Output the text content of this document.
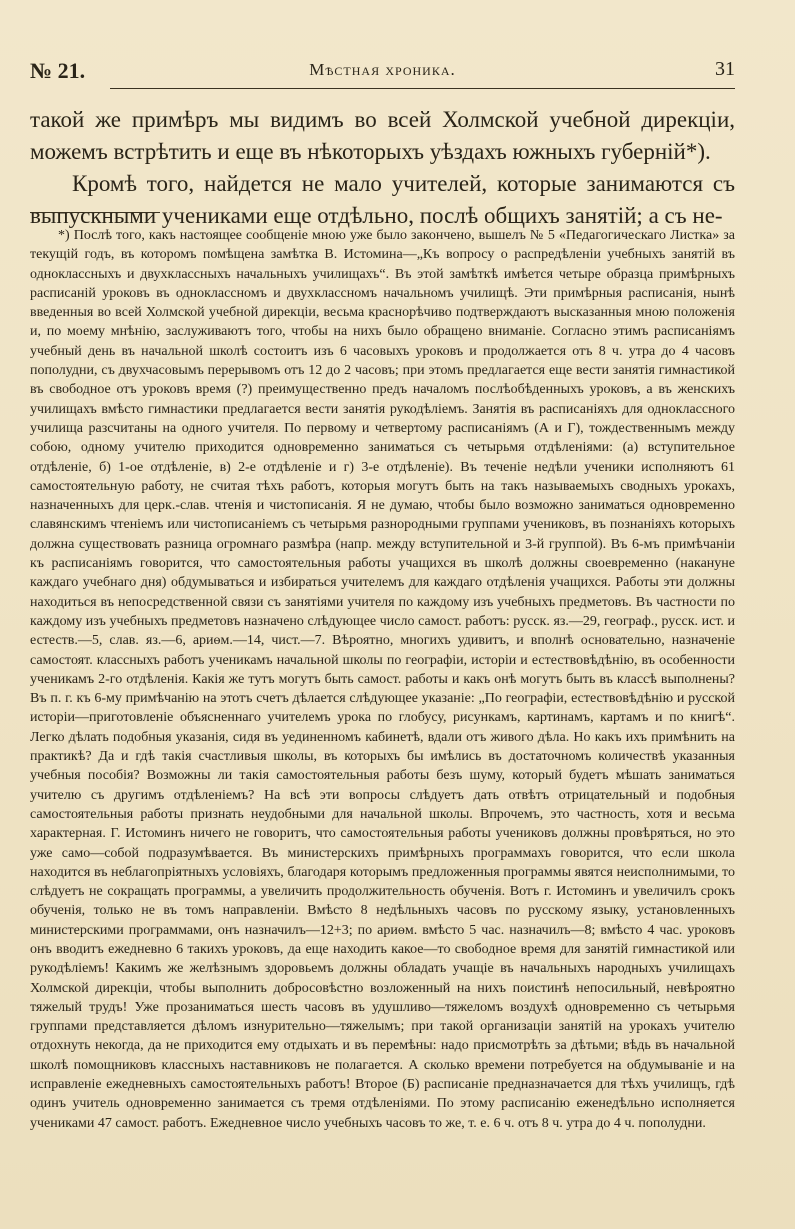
№ 21.	Мѣстная хроника.	31

такой же примѣръ мы видимъ во всей Холмской учебной дирекціи, можемъ встрѣтить и еще въ нѣкоторыхъ уѣздахъ южныхъ губерній*).

Кромѣ того, найдется не мало учителей, которые занимаются съ выпускными учениками еще отдѣльно, послѣ общихъ занятій; а съ не-

*) Послѣ того, какъ настоящее сообщеніе мною уже было закончено, вышелъ № 5 «Педагогическаго Листка» за текущій годъ, въ которомъ помѣщена замѣтка В. Истомина—„Къ вопросу о распредѣленіи учебныхъ занятій въ одноклассныхъ и двухклассныхъ начальныхъ училищахъ“. Въ этой замѣткѣ имѣется четыре образца примѣрныхъ расписаній уроковъ въ одноклассномъ и двухклассномъ начальномъ училищѣ. Эти примѣрныя расписанія, нынѣ введенныя во всей Холмской учебной дирекціи, весьма краснорѣчиво подтверждаютъ высказанныя мною положенія и, по моему мнѣнію, заслуживаютъ того, чтобы на нихъ было обращено вниманіе. Согласно этимъ расписаніямъ учебный день въ начальной школѣ состоитъ изъ 6 часовыхъ уроковъ и продолжается отъ 8 ч. утра до 4 часовъ пополудни, съ двухчасовымъ перерывомъ отъ 12 до 2 часовъ; при этомъ предлагается еще вести занятія гимнастикой въ свободное отъ уроковъ время (?) преимущественно предъ началомъ послѣобѣденныхъ уроковъ, а въ женскихъ училищахъ вмѣсто гимнастики предлагается вести занятія рукодѣліемъ. Занятія въ расписаніяхъ для одноклассного училища разсчитаны на одного учителя. По первому и четвертому расписаніямъ (А и Г), тождественнымъ между собою, одному учителю приходится одновременно заниматься съ четырьмя отдѣленіями: (а) вступительное отдѣленіе, б) 1-ое отдѣленіе, в) 2-е отдѣленіе и г) 3-е отдѣленіе). Въ теченіе недѣли ученики исполняютъ 61 самостоятельную работу, не считая тѣхъ работъ, которыя могутъ быть на такъ называемыхъ сводныхъ урокахъ, назначенныхъ для церк.-слав. чтенія и чистописанія. Я не думаю, чтобы было возможно заниматься одновременно славянскимъ чтеніемъ или чистописаніемъ съ четырьмя разнородными группами учениковъ, въ познаніяхъ которыхъ должна существовать разница огромнаго размѣра (напр. между вступительной и 3-й группой). Въ 6-мъ примѣчаніи къ расписаніямъ говорится, что самостоятельныя работы учащихся въ школѣ должны своевременно (накануне каждаго учебнаго дня) обдумываться и избираться учителемъ для каждаго отдѣленія учащихся. Работы эти должны находиться въ непосредственной связи съ занятіями учителя по каждому изъ учебныхъ предметовъ. Въ частности по каждому изъ учебныхъ предметовъ назначено слѣдующее число самост. работъ: русск. яз.—29, географ., русск. ист. и естеств.—5, слав. яз.—6, ариѳм.—14, чист.—7. Вѣроятно, многихъ удивитъ, и вполнѣ основательно, назначеніе самостоят. классныхъ работъ ученикамъ начальной школы по географіи, исторіи и естествовѣдѣнію, въ особенности ученикамъ 2-го отдѣленія. Какія же тутъ могутъ быть самост. работы и какъ онѣ могутъ быть въ классѣ выполнены? Въ п. г. къ 6-му примѣчанію на этотъ счетъ дѣлается слѣдующее указаніе: „По географіи, естествовѣдѣнію и русской исторіи—приготовленіе объясненнаго учителемъ урока по глобусу, рисункамъ, картинамъ, картамъ и по книгѣ“. Легко дѣлать подобныя указанія, сидя въ уединенномъ кабинетѣ, вдали отъ живого дѣла. Но какъ ихъ примѣнить на практикѣ? Да и гдѣ такія счастливыя школы, въ которыхъ бы имѣлись въ достаточномъ количествѣ указанныя учебныя пособія? Возможны ли такія самостоятельныя работы безъ шуму, который будетъ мѣшать заниматься учителю съ другимъ отдѣленіемъ? На всѣ эти вопросы слѣдуетъ дать отвѣтъ отрицательный и подобныя самостоятельныя работы признать неудобными для начальной школы. Впрочемъ, это частность, хотя и весьма характерная. Г. Истоминъ ничего не говоритъ, что самостоятельныя работы учениковъ должны провѣряться, но это уже само—собой подразумѣвается. Въ министерскихъ примѣрныхъ программахъ говорится, что если школа находится въ неблагопріятныхъ условіяхъ, благодаря которымъ предложенныя программы явятся неисполнимыми, то слѣдуетъ не сокращать программы, а увеличить продолжительность обученія. Вотъ г. Истоминъ и увеличилъ срокъ обученія, только не въ томъ направленіи. Вмѣсто 8 недѣльныхъ часовъ по русскому языку, установленныхъ министерскими программами, онъ назначилъ—12+3; по ариѳм. вмѣсто 5 час. назначилъ—8; вмѣсто 4 час. уроковъ онъ вводитъ ежедневно 6 такихъ уроковъ, да еще находить какое—то свободное время для занятій гимнастикой или рукодѣліемъ! Какимъ же желѣзнымъ здоровьемъ должны обладать учащіе въ начальныхъ народныхъ училищахъ Холмской дирекціи, чтобы выполнить добросовѣстно возложенный на нихъ поистинѣ непосильный, невѣроятно тяжелый трудъ! Уже прозаниматься шесть часовъ въ удушливо—тяжеломъ воздухѣ одновременно съ четырьмя группами представляется дѣломъ изнурительно—тяжелымъ; при такой организаціи занятій на урокахъ учителю отдохнуть некогда, да не приходится ему отдыхать и въ перемѣны: надо присмотрѣть за дѣтьми; вѣдь въ начальной школѣ помощниковъ классныхъ наставниковъ не полагается. А сколько времени потребуется на обдумываніе и на исправленіе ежедневныхъ самостоятельныхъ работъ! Второе (Б) расписаніе предназначается для тѣхъ училищъ, гдѣ одинъ учитель одновременно занимается съ тремя отдѣленіями. По этому расписанію еженедѣльно исполняется учениками 47 самост. работъ. Ежедневное число учебныхъ часовъ то же, т. е. 6 ч. отъ 8 ч. утра до 4 ч. пополудни.
